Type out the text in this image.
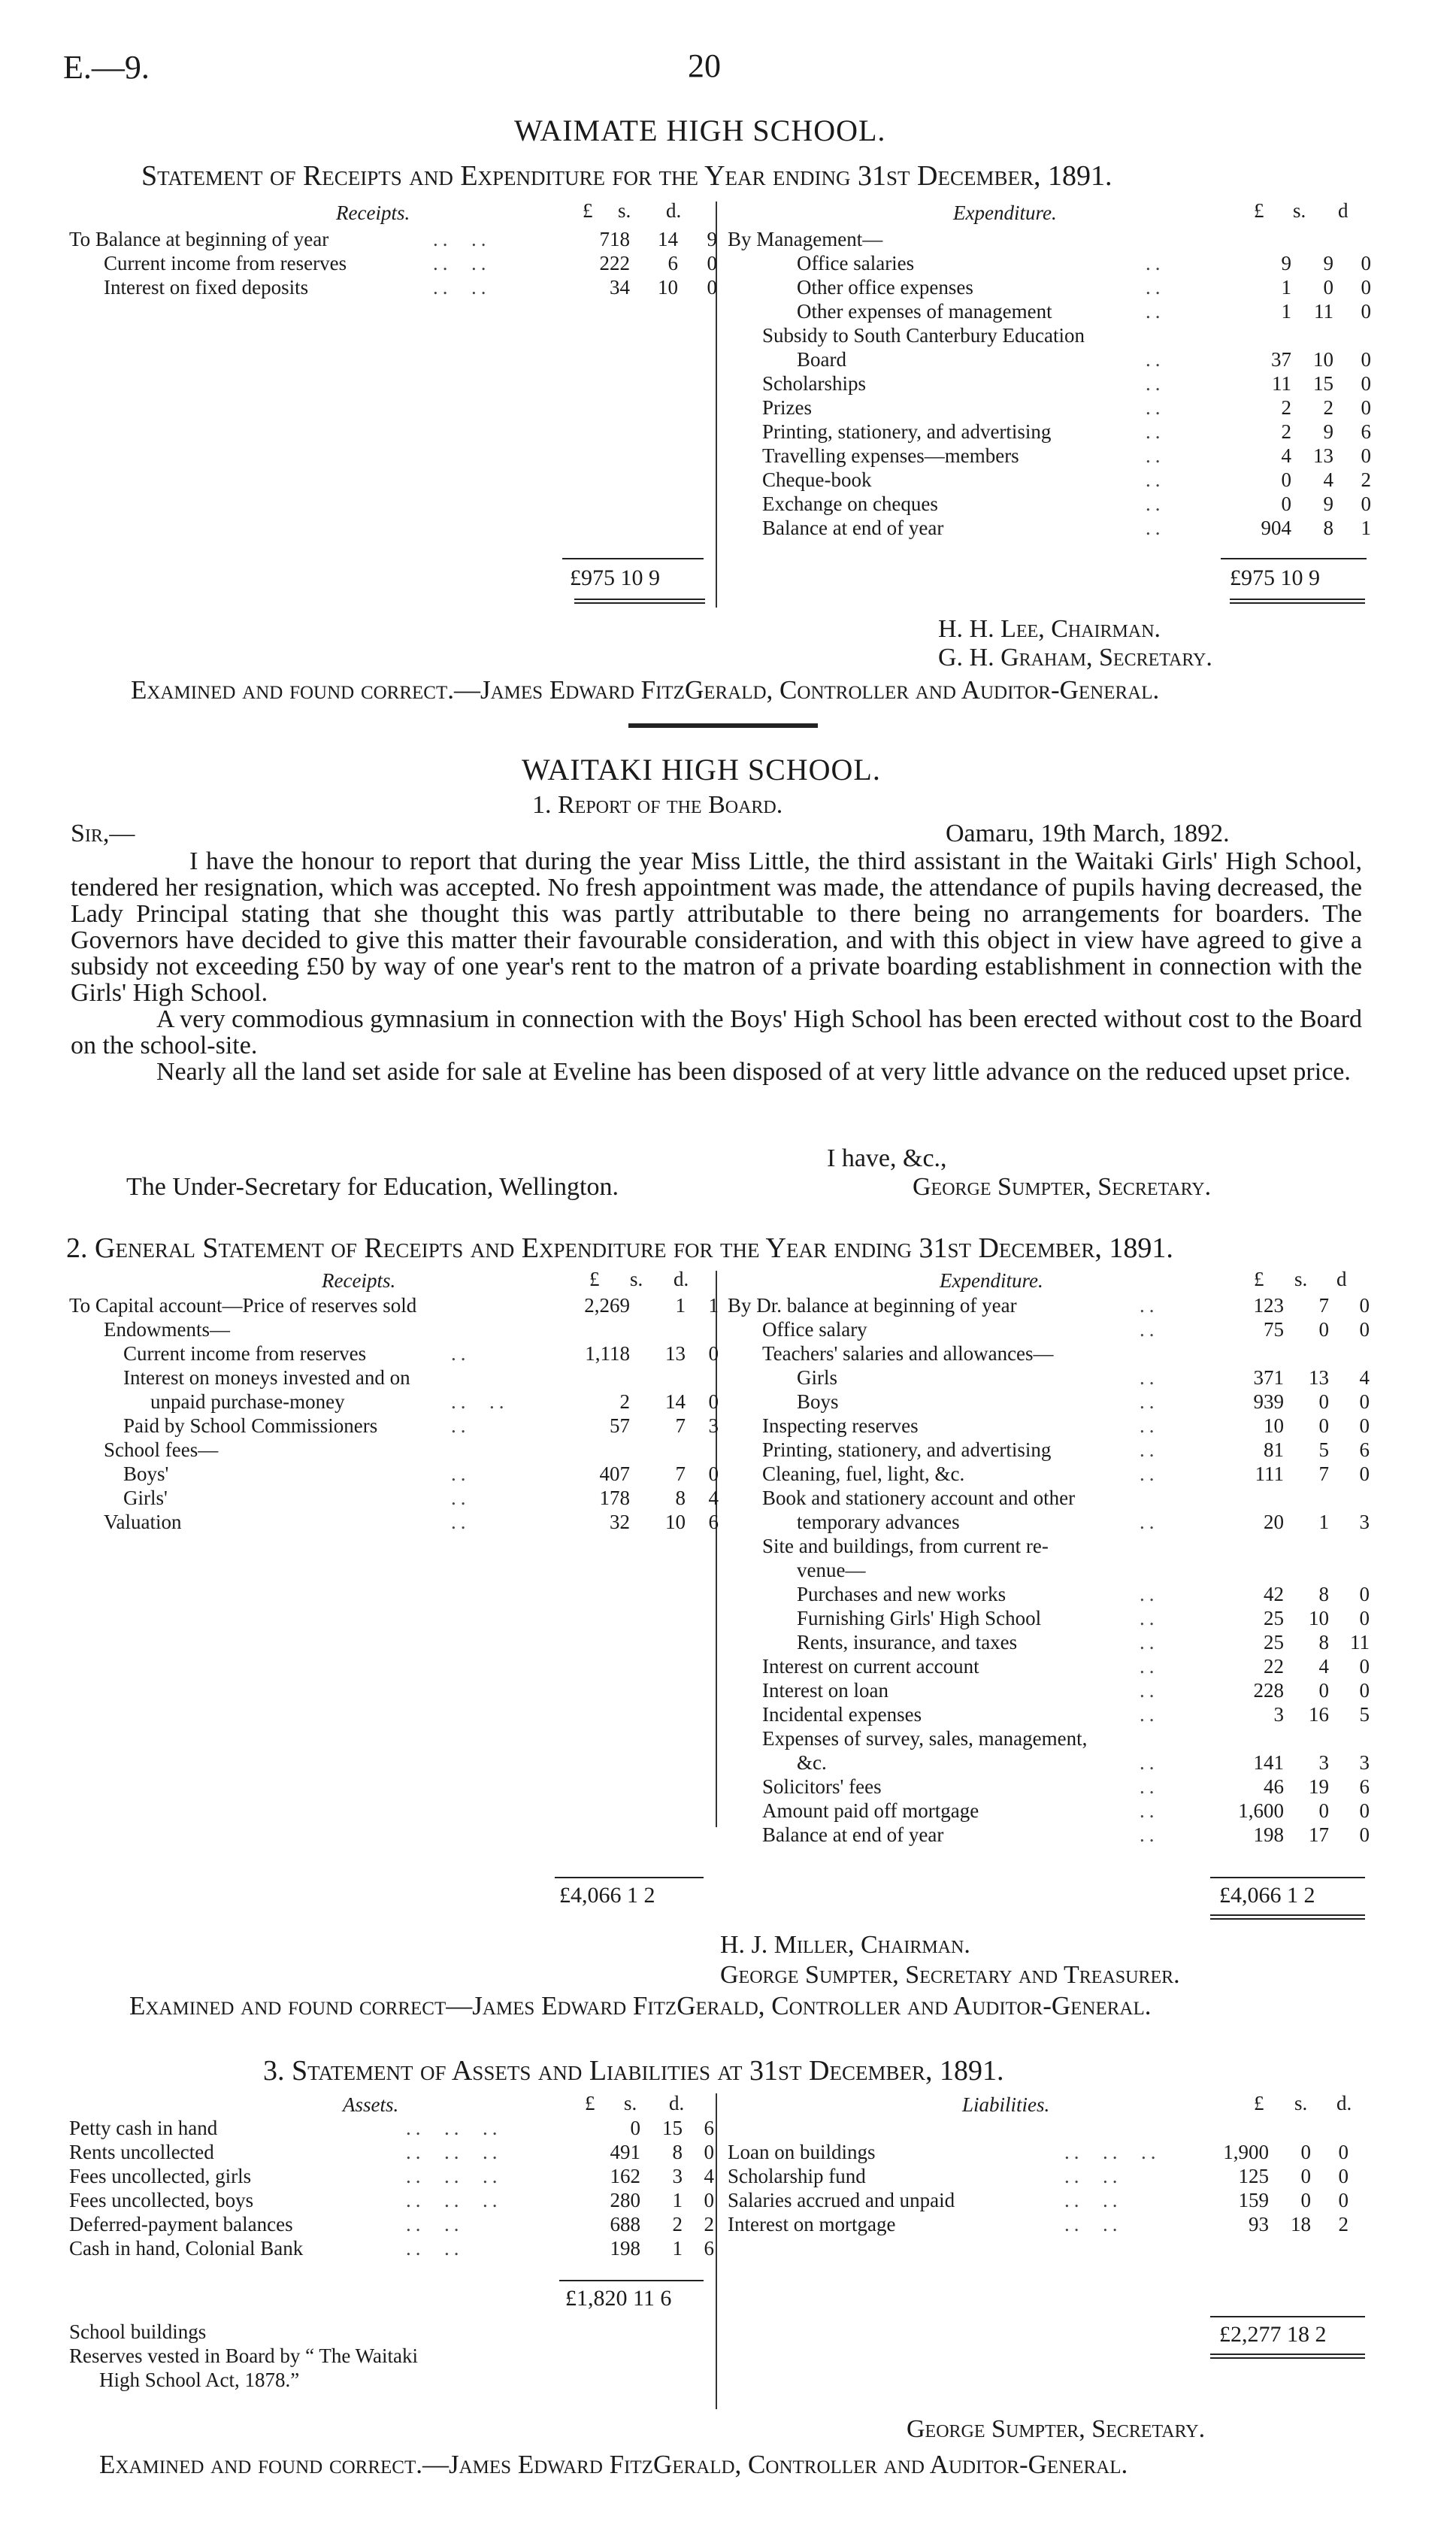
E.—9.	20
WAIMATE HIGH SCHOOL.
Statement of Receipts and Expenditure for the Year ending 31st December, 1891.
Receipts.	£ s. d.	Expenditure.	£ s. d
To Balance at beginning of year	..  ..	718	14	9
Current income from reserves	..  ..	222	6	0
Interest on fixed deposits	..  ..	34	10	0
By Management—				
Office salaries	..	9	9	0
Other office expenses	..	1	0	0
Other expenses of management	..	1	11	0
Subsidy to South Canterbury Education				
Board	..	37	10	0
Scholarships	..	11	15	0
Prizes	..	2	2	0
Printing, stationery, and advertising	..	2	9	6
Travelling expenses—members	..	4	13	0
Cheque-book	..	0	4	2
Exchange on cheques	..	0	9	0
Balance at end of year	..	904	8	1
£975 10 9	£975 10 9
H. H. Lee, Chairman.
G. H. Graham, Secretary.
Examined and found correct.—James Edward FitzGerald, Controller and Auditor-General.
WAITAKI HIGH SCHOOL.
1. Report of the Board.
Sir,—	Oamaru, 19th March, 1892.

I have the honour to report that during the year Miss Little, the third assistant in the Waitaki Girls' High School, tendered her resignation, which was accepted. No fresh appointment was made, the attendance of pupils having decreased, the Lady Principal stating that she thought this was partly attributable to there being no arrangements for boarders. The Governors have decided to give this matter their favourable consideration, and with this object in view have agreed to give a subsidy not exceeding £50 by way of one year's rent to the matron of a private boarding establishment in connection with the Girls' High School.

A very commodious gymnasium in connection with the Boys' High School has been erected without cost to the Board on the school-site.

Nearly all the land set aside for sale at Eveline has been disposed of at very little advance on the reduced upset price.

I have, &c.,
The Under-Secretary for Education, Wellington.	George Sumpter, Secretary.
2. General Statement of Receipts and Expenditure for the Year ending 31st December, 1891.
Receipts.	£ s. d.	Expenditure.	£ s. d
To Capital account—Price of reserves sold		2,269	1	1
Endowments—				
Current income from reserves	..	1,118	13	0
Interest on moneys invested and on				
unpaid purchase-money	..  ..	2	14	0
Paid by School Commissioners	..	57	7	3
School fees—				
Boys'	..	407	7	0
Girls'	..	178	8	4
Valuation	..	32	10	6
By Dr. balance at beginning of year	..	123	7	0
Office salary	..	75	0	0
Teachers' salaries and allowances—				
Girls	..	371	13	4
Boys	..	939	0	0
Inspecting reserves	..	10	0	0
Printing, stationery, and advertising	..	81	5	6
Cleaning, fuel, light, &c.	..	111	7	0
Book and stationery account and other				
temporary advances	..	20	1	3
Site and buildings, from current re-				
venue—				
Purchases and new works	..	42	8	0
Furnishing Girls' High School	..	25	10	0
Rents, insurance, and taxes	..	25	8	11
Interest on current account	..	22	4	0
Interest on loan	..	228	0	0
Incidental expenses	..	3	16	5
Expenses of survey, sales, management,				
&c.	..	141	3	3
Solicitors' fees	..	46	19	6
Amount paid off mortgage	..	1,600	0	0
Balance at end of year	..	198	17	0
£4,066 1 2	£4,066 1 2
H. J. Miller, Chairman.
George Sumpter, Secretary and Treasurer.
Examined and found correct—James Edward FitzGerald, Controller and Auditor-General.
3. Statement of Assets and Liabilities at 31st December, 1891.
Assets.	£ s. d.	Liabilities.	£ s. d.
Petty cash in hand	..  ..  ..	0	15	6
Rents uncollected	..  ..  ..	491	8	0
Fees uncollected, girls	..  ..  ..	162	3	4
Fees uncollected, boys	..  ..  ..	280	1	0
Deferred-payment balances	..  ..	688	2	2
Cash in hand, Colonial Bank	..  ..	198	1	6
Loan on buildings	..  ..  ..	1,900	0	0
Scholarship fund	..  ..	125	0	0
Salaries accrued and unpaid	..  ..	159	0	0
Interest on mortgage	..  ..	93	18	2
£1,820 11 6
School buildings
Reserves vested in Board by “ The Waitaki
High School Act, 1878.”
£2,277 18 2
George Sumpter, Secretary.
Examined and found correct.—James Edward FitzGerald, Controller and Auditor-General.
